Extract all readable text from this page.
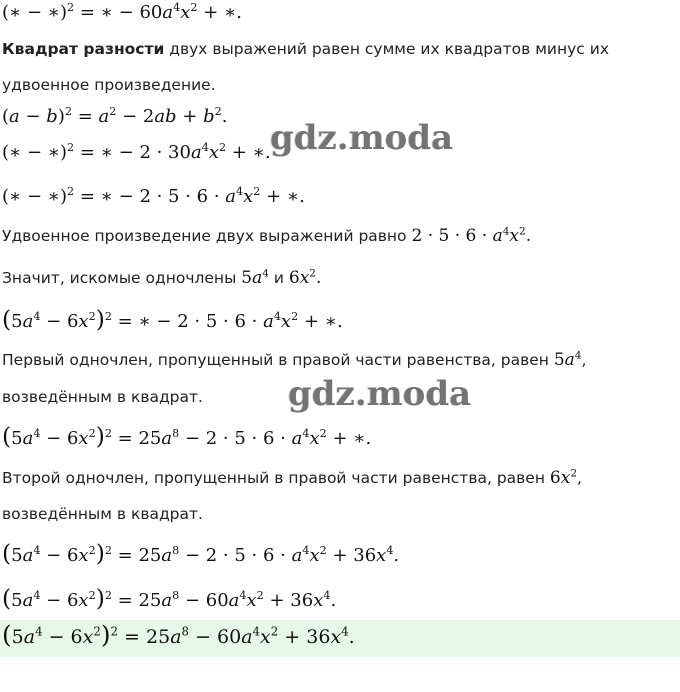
(∗ − ∗)$^2$ = ∗ − $60a^4x^2$ + ∗.
Квадрат разности двух выражений равен сумме их квадратов минус их
удвоенное произведение.
$(a - b)^2 = a^2 - 2ab + b^2$.
gdz.moda
(∗ − ∗)$^2$ = ∗ − $2 \cdot 30a^4x^2$ + ∗.
(∗ − ∗)$^2$ = ∗ − $2 \cdot 5 \cdot 6 \cdot a^4x^2$ + ∗.
Удвоенное произведение двух выражений равно $2 \cdot 5 \cdot 6 \cdot a^4x^2$.
Значит, искомые одночлены $5a^4$ и $6x^2$.
$(5a^4 - 6x^2)^2$ = ∗ − $2 \cdot 5 \cdot 6 \cdot a^4x^2$ + ∗.
Первый одночлен, пропущенный в правой части равенства, равен $5a^4$,
возведённым в квадрат.	gdz.moda
$(5a^4 - 6x^2)^2 = 25a^8 - 2 \cdot 5 \cdot 6 \cdot a^4x^2$ + ∗.
Второй одночлен, пропущенный в правой части равенства, равен $6x^2$,
возведённым в квадрат.
$(5a^4 - 6x^2)^2 = 25a^8 - 2 \cdot 5 \cdot 6 \cdot a^4x^2 + 36x^4$.
$(5a^4 - 6x^2)^2 = 25a^8 - 60a^4x^2 + 36x^4$.
$(5a^4 - 6x^2)^2 = 25a^8 - 60a^4x^2 + 36x^4$.
